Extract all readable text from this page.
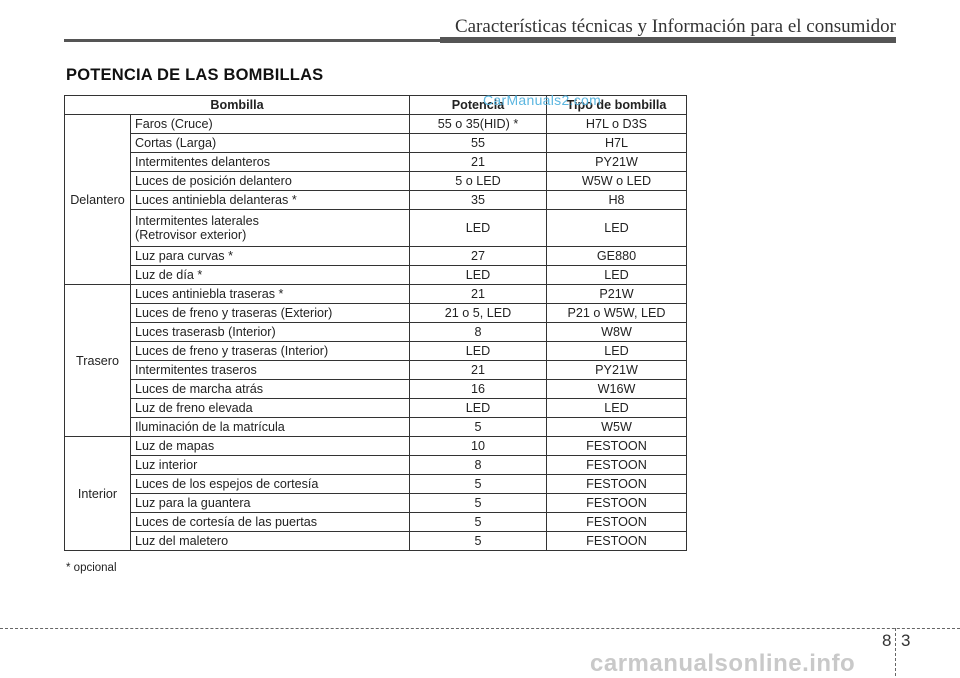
Características técnicas y Información para el consumidor
POTENCIA DE LAS BOMBILLAS
Bombilla		Potencia	Tipo de bombilla
Delantero	Faros (Cruce)	55 o 35(HID) *	H7L o D3S
	Cortas (Larga)	55	H7L
	Intermitentes delanteros	21	PY21W
	Luces de posición delantero	5 o LED	W5W o LED
	Luces antiniebla delanteras *	35	H8

	Intermitentes laterales
(Retrovisor exterior)	LED	LED
	Luz para curvas *	27	GE880
	Luz de día *	LED	LED
Trasero	Luces antiniebla traseras *	21	P21W
	Luces de freno y traseras (Exterior)	21 o 5, LED	P21 o W5W, LED
	Luces traserasb (Interior)	8	W8W
	Luces de freno y traseras (Interior)	LED	LED
	Intermitentes traseros	21	PY21W
	Luces de marcha atrás	16	W16W
	Luz de freno elevada	LED	LED
	Iluminación de la matrícula	5	W5W
Interior	Luz de mapas	10	FESTOON
	Luz interior	8	FESTOON
	Luces de los espejos de cortesía	5	FESTOON
	Luz para la guantera	5	FESTOON
	Luces de cortesía de las puertas	5	FESTOON
	Luz del maletero	5	FESTOON
CarManuals2.com
* opcional
8 3
carmanualsonline.info
